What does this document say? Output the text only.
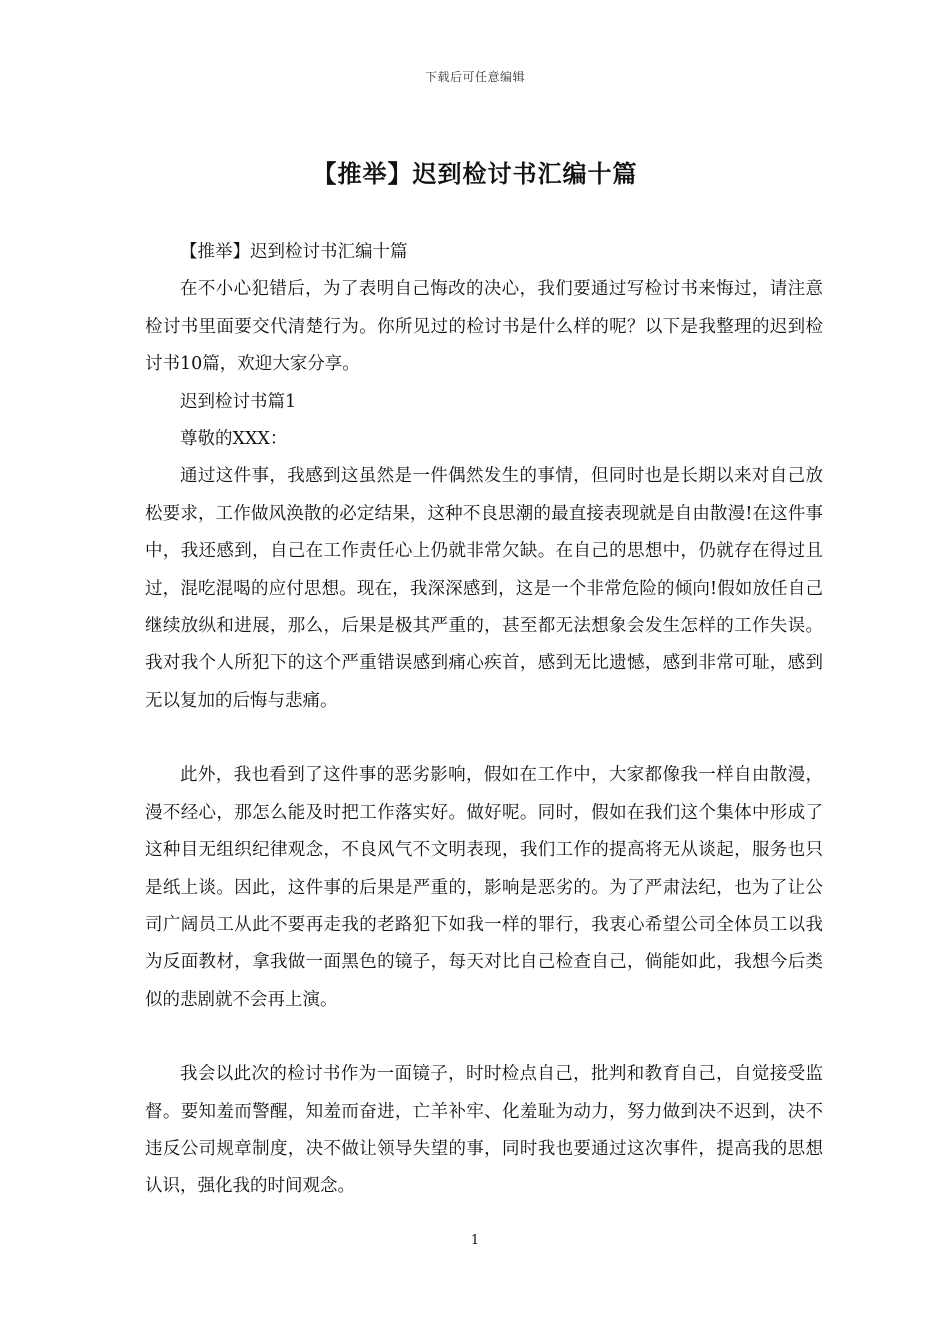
下载后可任意编辑
【推举】迟到检讨书汇编十篇

【推举】迟到检讨书汇编十篇

在不小心犯错后，为了表明自己悔改的决心，我们要通过写检讨书来悔过，请注意检讨书里面要交代清楚行为。你所见过的检讨书是什么样的呢？以下是我整理的迟到检讨书10篇，欢迎大家分享。

迟到检讨书篇1

尊敬的XXX：

通过这件事，我感到这虽然是一件偶然发生的事情，但同时也是长期以来对自己放松要求，工作做风涣散的必定结果，这种不良思潮的最直接表现就是自由散漫!在这件事中，我还感到，自己在工作责任心上仍就非常欠缺。在自己的思想中，仍就存在得过且过，混吃混喝的应付思想。现在，我深深感到，这是一个非常危险的倾向!假如放任自己继续放纵和进展，那么，后果是极其严重的，甚至都无法想象会发生怎样的工作失误。我对我个人所犯下的这个严重错误感到痛心疾首，感到无比遗憾，感到非常可耻，感到无以复加的后悔与悲痛。

此外，我也看到了这件事的恶劣影响，假如在工作中，大家都像我一样自由散漫，漫不经心，那怎么能及时把工作落实好。做好呢。同时，假如在我们这个集体中形成了这种目无组织纪律观念，不良风气不文明表现，我们工作的提高将无从谈起，服务也只是纸上谈。因此，这件事的后果是严重的，影响是恶劣的。为了严肃法纪，也为了让公司广阔员工从此不要再走我的老路犯下如我一样的罪行，我衷心希望公司全体员工以我为反面教材，拿我做一面黑色的镜子，每天对比自己检查自己，倘能如此，我想今后类似的悲剧就不会再上演。

我会以此次的检讨书作为一面镜子，时时检点自己，批判和教育自己，自觉接受监督。要知羞而警醒，知羞而奋进，亡羊补牢、化羞耻为动力，努力做到决不迟到，决不违反公司规章制度，决不做让领导失望的事，同时我也要通过这次事件，提高我的思想认识，强化我的时间观念。

1
